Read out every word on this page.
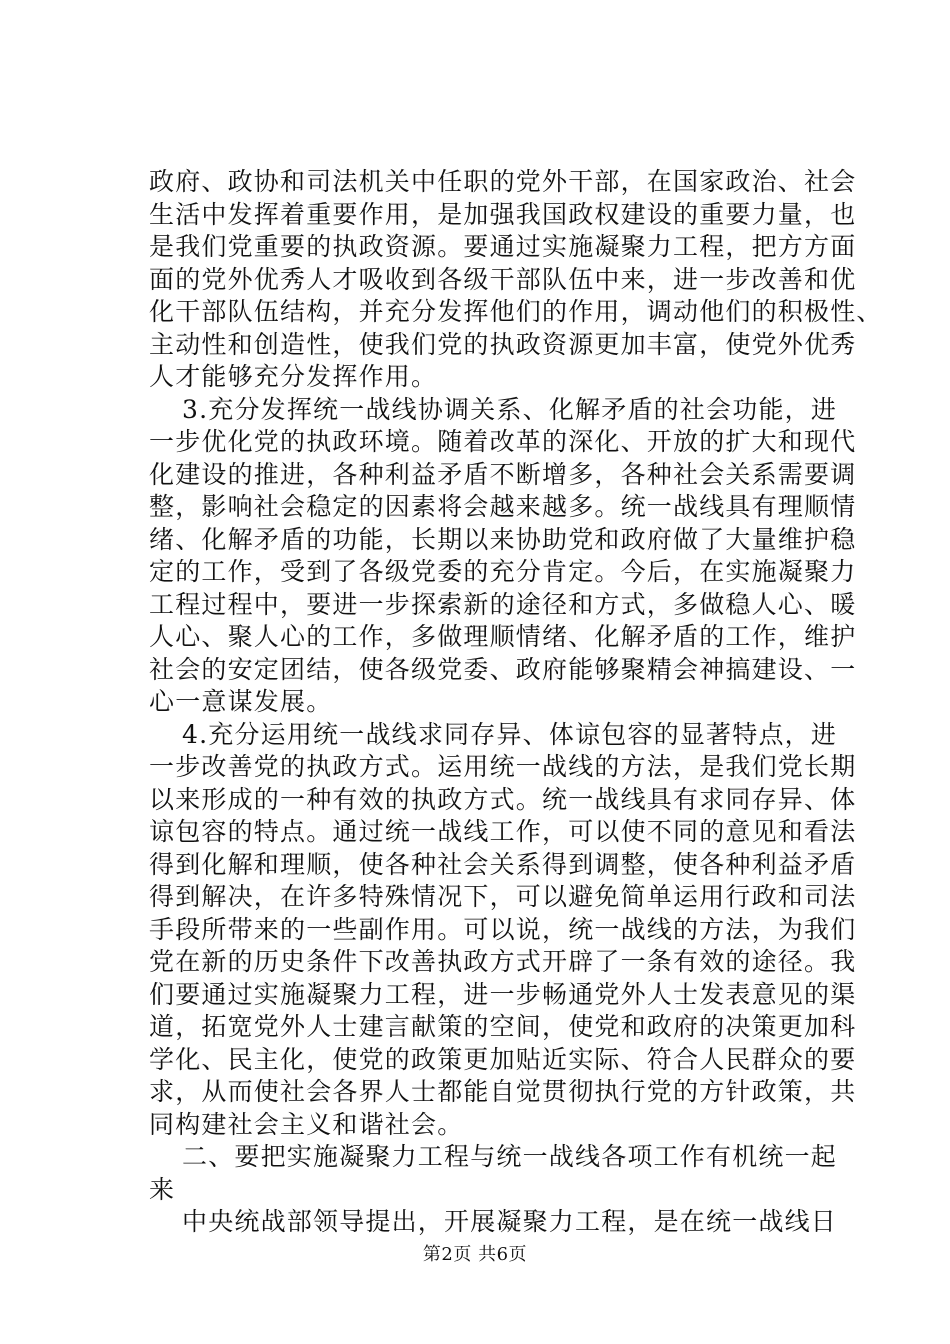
政府、政协和司法机关中任职的党外干部，在国家政治、社会
生活中发挥着重要作用，是加强我国政权建设的重要力量，也
是我们党重要的执政资源。要通过实施凝聚力工程，把方方面
面的党外优秀人才吸收到各级干部队伍中来，进一步改善和优
化干部队伍结构，并充分发挥他们的作用，调动他们的积极性、
主动性和创造性，使我们党的执政资源更加丰富，使党外优秀
人才能够充分发挥作用。
3.充分发挥统一战线协调关系、化解矛盾的社会功能，进
一步优化党的执政环境。随着改革的深化、开放的扩大和现代
化建设的推进，各种利益矛盾不断增多，各种社会关系需要调
整，影响社会稳定的因素将会越来越多。统一战线具有理顺情
绪、化解矛盾的功能，长期以来协助党和政府做了大量维护稳
定的工作，受到了各级党委的充分肯定。今后，在实施凝聚力
工程过程中，要进一步探索新的途径和方式，多做稳人心、暖
人心、聚人心的工作，多做理顺情绪、化解矛盾的工作，维护
社会的安定团结，使各级党委、政府能够聚精会神搞建设、一
心一意谋发展。
4.充分运用统一战线求同存异、体谅包容的显著特点，进
一步改善党的执政方式。运用统一战线的方法，是我们党长期
以来形成的一种有效的执政方式。统一战线具有求同存异、体
谅包容的特点。通过统一战线工作，可以使不同的意见和看法
得到化解和理顺，使各种社会关系得到调整，使各种利益矛盾
得到解决，在许多特殊情况下，可以避免简单运用行政和司法
手段所带来的一些副作用。可以说，统一战线的方法，为我们
党在新的历史条件下改善执政方式开辟了一条有效的途径。我
们要通过实施凝聚力工程，进一步畅通党外人士发表意见的渠
道，拓宽党外人士建言献策的空间，使党和政府的决策更加科
学化、民主化，使党的政策更加贴近实际、符合人民群众的要
求，从而使社会各界人士都能自觉贯彻执行党的方针政策，共
同构建社会主义和谐社会。
二、要把实施凝聚力工程与统一战线各项工作有机统一起
来
中央统战部领导提出，开展凝聚力工程，是在统一战线日
第2页 共6页
